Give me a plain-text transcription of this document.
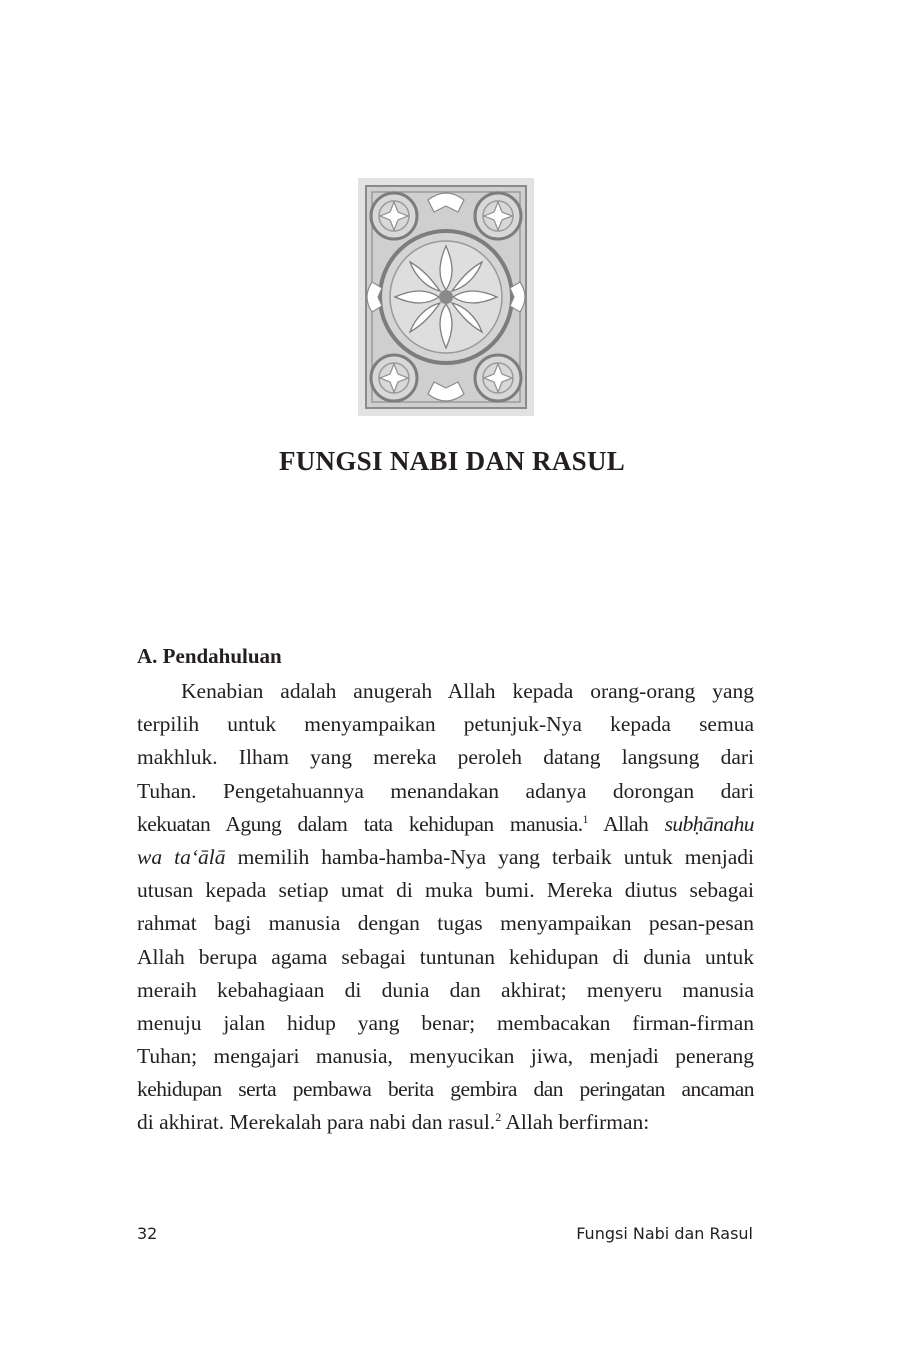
FUNGSI NABI DAN RASUL
A. Pendahuluan
Kenabian adalah anugerah Allah kepada orang-orang yang
terpilih untuk menyampaikan petunjuk-Nya kepada semua
makhluk. Ilham yang mereka peroleh datang langsung dari
Tuhan. Pengetahuannya menandakan adanya dorongan dari
kekuatan Agung dalam tata kehidupan manusia.$^1$ Allah subḥānahu
wa ta‘ālā memilih hamba-hamba-Nya yang terbaik untuk menjadi
utusan kepada setiap umat di muka bumi. Mereka diutus sebagai
rahmat bagi manusia dengan tugas menyampaikan pesan-pesan
Allah berupa agama sebagai tuntunan kehidupan di dunia untuk
meraih kebahagiaan di dunia dan akhirat; menyeru manusia
menuju jalan hidup yang benar; membacakan firman-firman
Tuhan; mengajari manusia, menyucikan jiwa, menjadi penerang
kehidupan serta pembawa berita gembira dan peringatan ancaman
di akhirat. Merekalah para nabi dan rasul.$^2$ Allah berfirman:
32	Fungsi Nabi dan Rasul
